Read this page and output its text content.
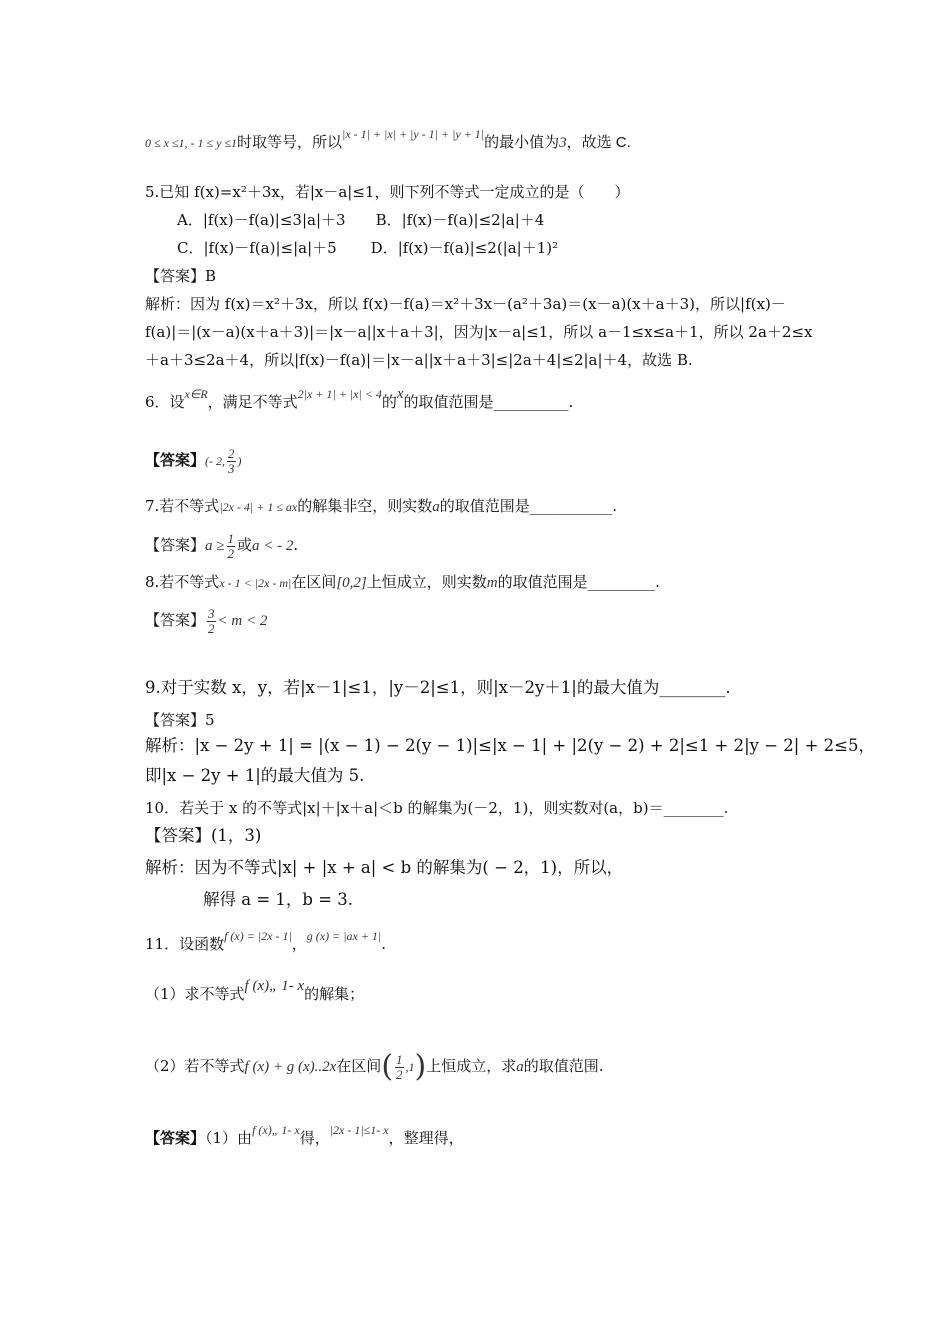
0 ≤ x ≤1, - 1 ≤ y ≤1时取等号，所以$^{|x - 1| + |x| + |y - 1| + |y + 1|}$的最小值为3，故选 C.
5.已知 f(x)=x²＋3x，若|x－a|≤1，则下列不等式一定成立的是（　　）
A．|f(x)－f(a)|≤3|a|＋3 B．|f(x)－f(a)|≤2|a|＋4
C．|f(x)－f(a)|≤|a|＋5 D．|f(x)－f(a)|≤2(|a|＋1)²
【答案】B
解析：因为 f(x)＝x²＋3x，所以 f(x)－f(a)＝x²＋3x－(a²＋3a)＝(x－a)(x＋a＋3)，所以|f(x)－
f(a)|＝|(x－a)(x＋a＋3)|＝|x－a||x＋a＋3|，因为|x－a|≤1，所以 a－1≤x≤a＋1，所以 2a＋2≤x
＋a＋3≤2a＋4，所以|f(x)－f(a)|＝|x－a||x＋a＋3|≤|2a＋4|≤2|a|＋4，故选 B.
6．设$^{x\in R}$，满足不等式$^{2|x + 1| + |x| < 4}$的x的取值范围是__________.
【答案】(- 2, $\frac{2}{3}$ )
7.若不等式|2x - 4| + 1 ≤ ax的解集非空，则实数a的取值范围是___________.
【答案】$a \ge \frac{1}{2}$ 或a < - 2.
8.若不等式x - 1 < |2x - m|在区间[0,2]上恒成立，则实数m的取值范围是_________.
【答案】 $\frac{3}{2} < m < 2$
9.对于实数 x，y，若|x－1|≤1，|y－2|≤1，则|x－2y＋1|的最大值为________.
【答案】5
解析：|x − 2y + 1| = |(x − 1) − 2(y − 1)|≤|x − 1| + |2(y − 2) + 2|≤1 + 2|y − 2| + 2≤5，
即|x − 2y + 1|的最大值为 5.
10．若关于 x 的不等式|x|＋|x＋a|＜b 的解集为(－2，1)，则实数对(a，b)＝________.
【答案】(1，3)
解析：因为不等式|x| + |x + a| < b 的解集为( − 2，1)，所以，
解得 a = 1，b = 3.
11．设函数$^{f (x) = |2x - 1|}$，$^{g (x) = |ax + 1|}$.
（1）求不等式f (x)„ 1- x的解集；
（2）若不等式f (x) + g (x)..2x在区间( $\frac{1}{2} ,1$)上恒成立，求a的取值范围.
【答案】（1）由$^{f (x)„ 1- x}$得，$^{|2x - 1|\le 1- x}$，整理得，
